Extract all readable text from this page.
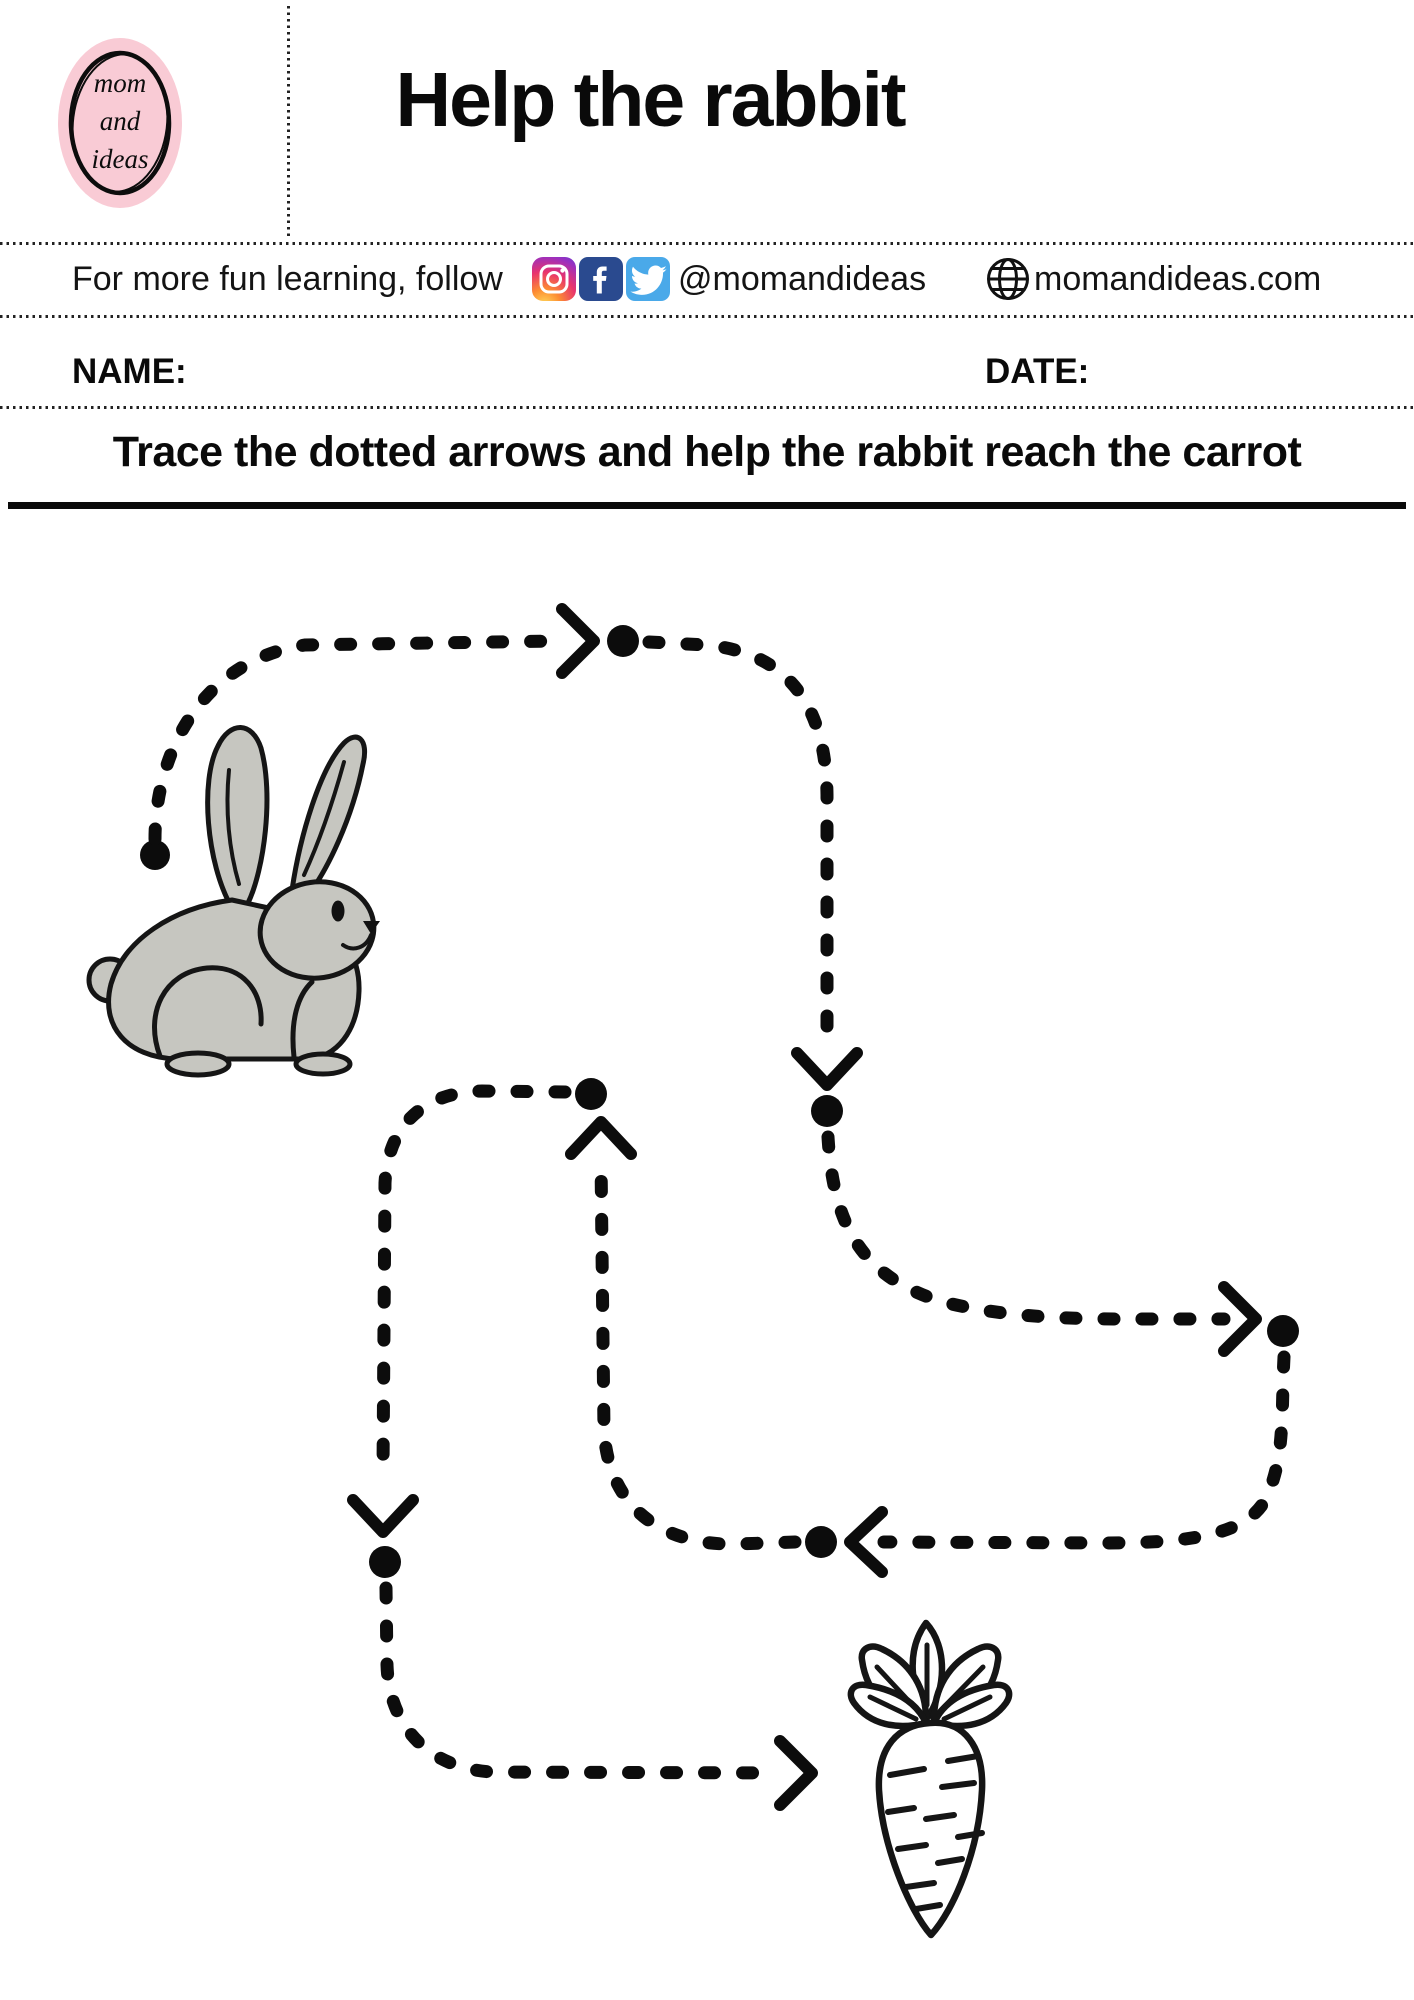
mom
and
ideas
Help the rabbit
For more fun learning, follow	@momandideas	momandideas.com
NAME:	DATE:
Trace the dotted arrows and help the rabbit reach the carrot
